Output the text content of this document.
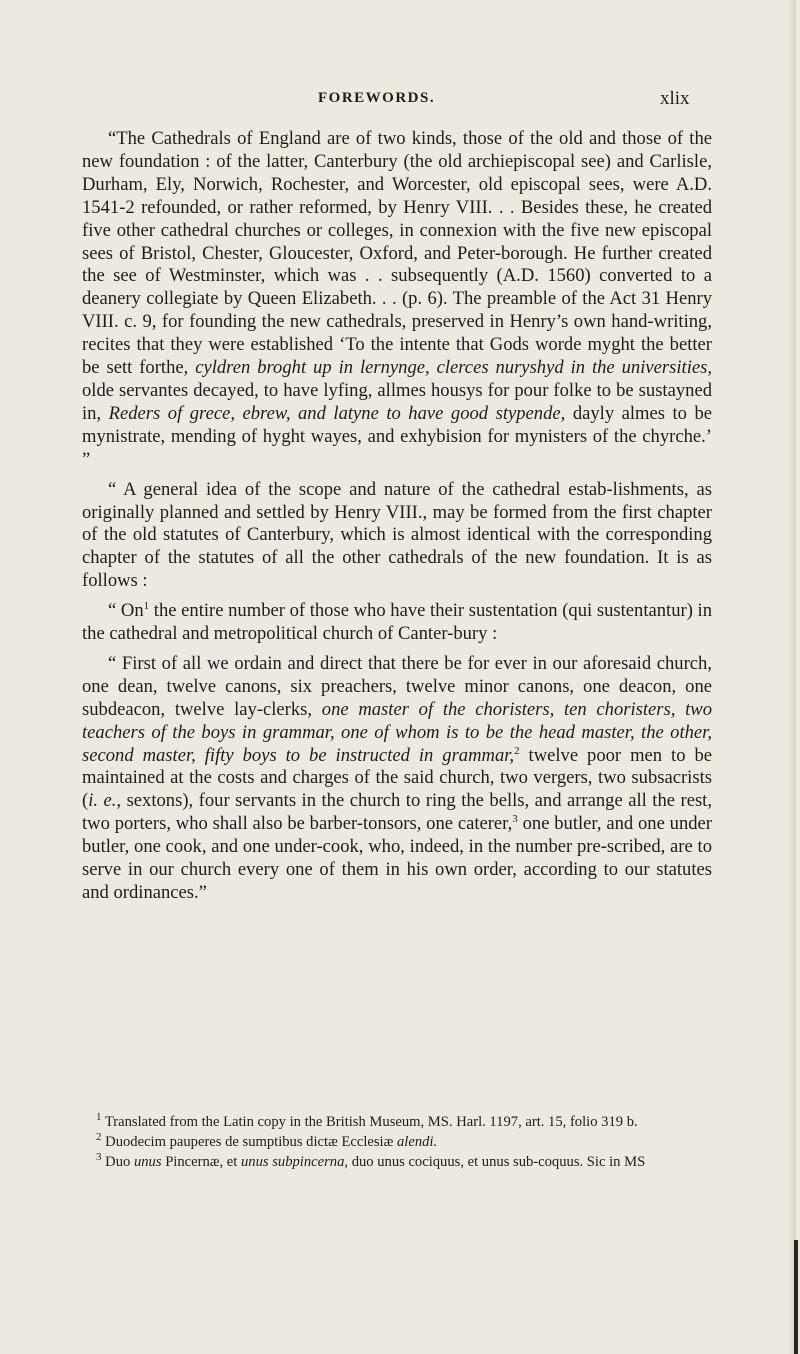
FOREWORDS.	xlix

“The Cathedrals of England are of two kinds, those of the old and those of the new foundation : of the latter, Canterbury (the old archiepiscopal see) and Carlisle, Durham, Ely, Norwich, Rochester, and Worcester, old episcopal sees, were A.D. 1541-2 refounded, or rather reformed, by Henry VIII. . . Besides these, he created five other cathedral churches or colleges, in connexion with the five new episcopal sees of Bristol, Chester, Gloucester, Oxford, and Peter-borough. He further created the see of Westminster, which was . . subsequently (A.D. 1560) converted to a deanery collegiate by Queen Elizabeth. . . (p. 6). The preamble of the Act 31 Henry VIII. c. 9, for founding the new cathedrals, preserved in Henry’s own hand-writing, recites that they were established ‘To the intente that Gods worde myght the better be sett forthe, cyldren broght up in lernynge, clerces nuryshyd in the universities, olde servantes decayed, to have lyfing, allmes housys for pour folke to be sustayned in, Reders of grece, ebrew, and latyne to have good stypende, dayly almes to be mynistrate, mending of hyght wayes, and exhybision for mynisters of the chyrche.’ ”

“ A general idea of the scope and nature of the cathedral estab-lishments, as originally planned and settled by Henry VIII., may be formed from the first chapter of the old statutes of Canterbury, which is almost identical with the corresponding chapter of the statutes of all the other cathedrals of the new foundation. It is as follows :

“ On$^1$ the entire number of those who have their sustentation (qui sustentantur) in the cathedral and metropolitical church of Canter-bury :

“ First of all we ordain and direct that there be for ever in our aforesaid church, one dean, twelve canons, six preachers, twelve minor canons, one deacon, one subdeacon, twelve lay-clerks, one master of the choristers, ten choristers, two teachers of the boys in grammar, one of whom is to be the head master, the other, second master, fifty boys to be instructed in grammar,$^2$ twelve poor men to be maintained at the costs and charges of the said church, two vergers, two subsacrists (i. e., sextons), four servants in the church to ring the bells, and arrange all the rest, two porters, who shall also be barber-tonsors, one caterer,$^3$ one butler, and one under butler, one cook, and one under-cook, who, indeed, in the number pre-scribed, are to serve in our church every one of them in his own order, according to our statutes and ordinances.”

$^1$ Translated from the Latin copy in the British Museum, MS. Harl. 1197, art. 15, folio 319 b.

$^2$ Duodecim pauperes de sumptibus dictæ Ecclesiæ alendi.

$^3$ Duo unus Pincernæ, et unus subpincerna, duo unus cociquus, et unus sub-coquus. Sic in MS
